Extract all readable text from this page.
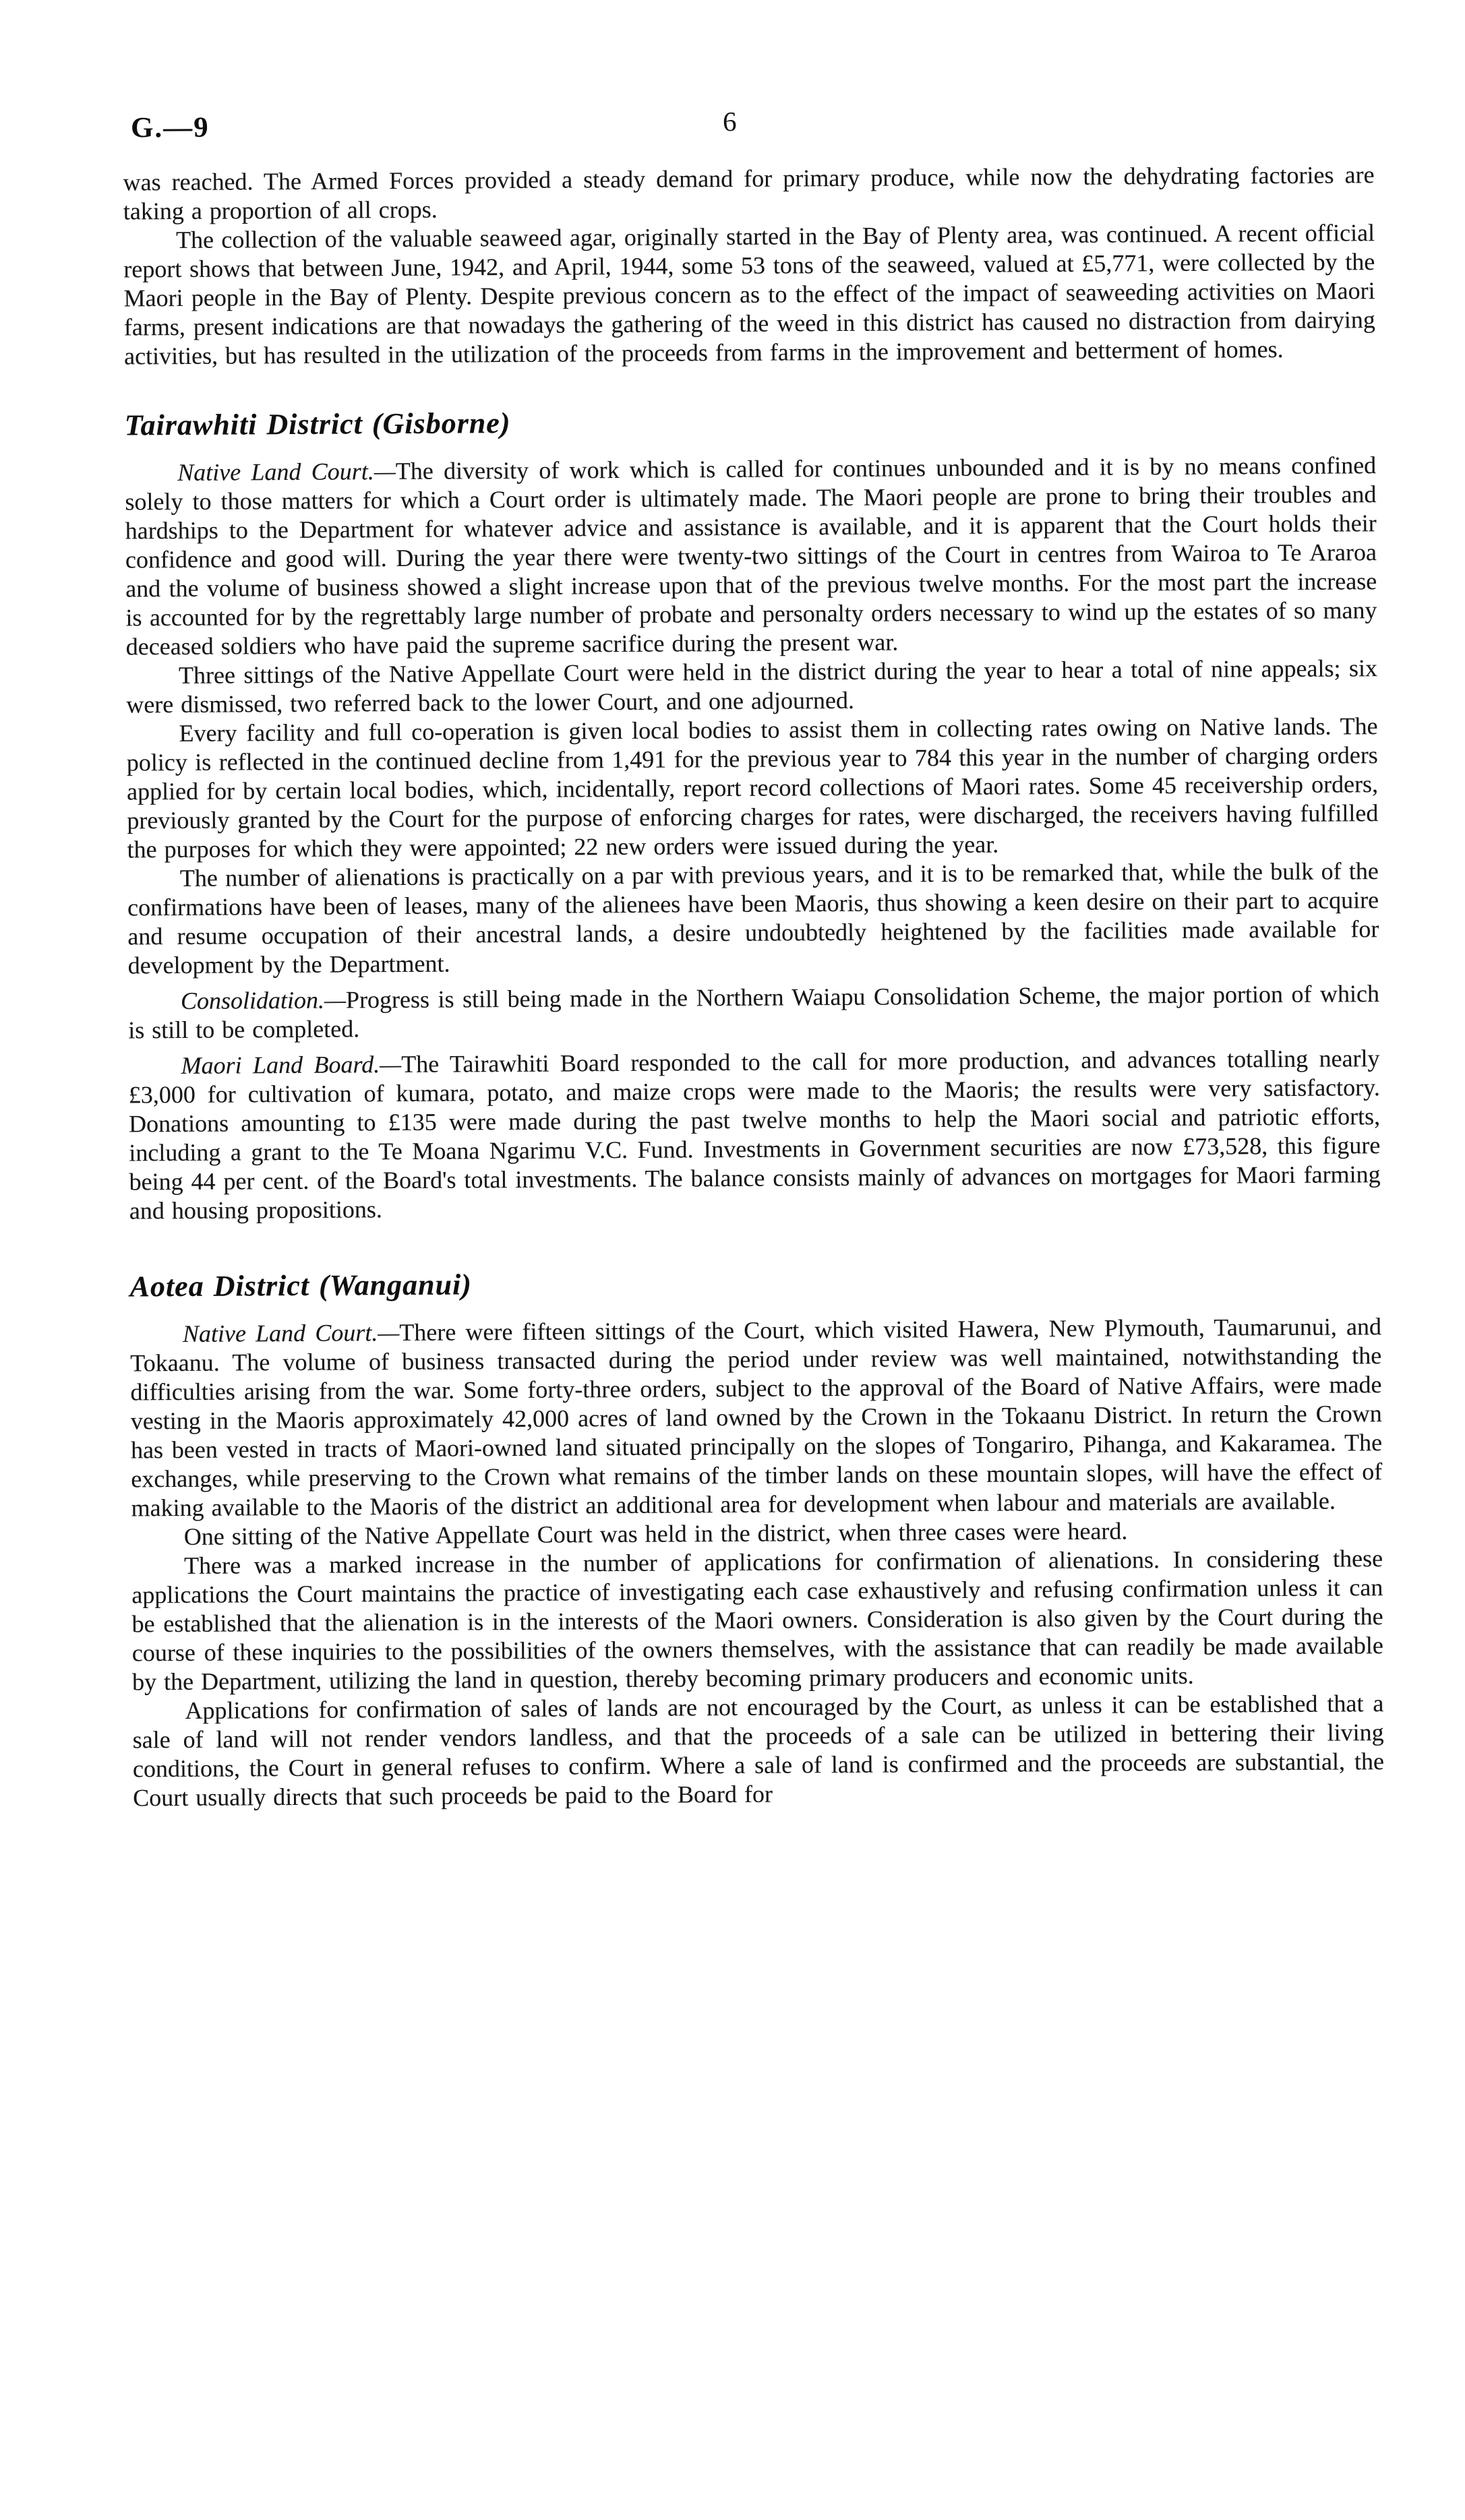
G.—9	6

was reached. The Armed Forces provided a steady demand for primary produce, while now the dehydrating factories are taking a proportion of all crops.

The collection of the valuable seaweed agar, originally started in the Bay of Plenty area, was continued. A recent official report shows that between June, 1942, and April, 1944, some 53 tons of the seaweed, valued at £5,771, were collected by the Maori people in the Bay of Plenty. Despite previous concern as to the effect of the impact of seaweeding activities on Maori farms, present indications are that nowadays the gathering of the weed in this district has caused no distraction from dairying activities, but has resulted in the utilization of the proceeds from farms in the improvement and betterment of homes.

Tairawhiti District (Gisborne)

Native Land Court.—The diversity of work which is called for continues unbounded and it is by no means confined solely to those matters for which a Court order is ultimately made. The Maori people are prone to bring their troubles and hardships to the Department for whatever advice and assistance is available, and it is apparent that the Court holds their confidence and good will. During the year there were twenty-two sittings of the Court in centres from Wairoa to Te Araroa and the volume of business showed a slight increase upon that of the previous twelve months. For the most part the increase is accounted for by the regrettably large number of probate and personalty orders necessary to wind up the estates of so many deceased soldiers who have paid the supreme sacrifice during the present war.

Three sittings of the Native Appellate Court were held in the district during the year to hear a total of nine appeals; six were dismissed, two referred back to the lower Court, and one adjourned.

Every facility and full co-operation is given local bodies to assist them in collecting rates owing on Native lands. The policy is reflected in the continued decline from 1,491 for the previous year to 784 this year in the number of charging orders applied for by certain local bodies, which, incidentally, report record collections of Maori rates. Some 45 receivership orders, previously granted by the Court for the purpose of enforcing charges for rates, were discharged, the receivers having fulfilled the purposes for which they were appointed; 22 new orders were issued during the year.

The number of alienations is practically on a par with previous years, and it is to be remarked that, while the bulk of the confirmations have been of leases, many of the alienees have been Maoris, thus showing a keen desire on their part to acquire and resume occupation of their ancestral lands, a desire undoubtedly heightened by the facilities made available for development by the Department.

Consolidation.—Progress is still being made in the Northern Waiapu Consolidation Scheme, the major portion of which is still to be completed.

Maori Land Board.—The Tairawhiti Board responded to the call for more production, and advances totalling nearly £3,000 for cultivation of kumara, potato, and maize crops were made to the Maoris; the results were very satisfactory. Donations amounting to £135 were made during the past twelve months to help the Maori social and patriotic efforts, including a grant to the Te Moana Ngarimu V.C. Fund. Investments in Government securities are now £73,528, this figure being 44 per cent. of the Board's total investments. The balance consists mainly of advances on mortgages for Maori farming and housing propositions.

Aotea District (Wanganui)

Native Land Court.—There were fifteen sittings of the Court, which visited Hawera, New Plymouth, Taumarunui, and Tokaanu. The volume of business transacted during the period under review was well maintained, notwithstanding the difficulties arising from the war. Some forty-three orders, subject to the approval of the Board of Native Affairs, were made vesting in the Maoris approximately 42,000 acres of land owned by the Crown in the Tokaanu District. In return the Crown has been vested in tracts of Maori-owned land situated principally on the slopes of Tongariro, Pihanga, and Kakaramea. The exchanges, while preserving to the Crown what remains of the timber lands on these mountain slopes, will have the effect of making available to the Maoris of the district an additional area for development when labour and materials are available.

One sitting of the Native Appellate Court was held in the district, when three cases were heard.

There was a marked increase in the number of applications for confirmation of alienations. In considering these applications the Court maintains the practice of investigating each case exhaustively and refusing confirmation unless it can be established that the alienation is in the interests of the Maori owners. Consideration is also given by the Court during the course of these inquiries to the possibilities of the owners themselves, with the assistance that can readily be made available by the Department, utilizing the land in question, thereby becoming primary producers and economic units.

Applications for confirmation of sales of lands are not encouraged by the Court, as unless it can be established that a sale of land will not render vendors landless, and that the proceeds of a sale can be utilized in bettering their living conditions, the Court in general refuses to confirm. Where a sale of land is confirmed and the proceeds are substantial, the Court usually directs that such proceeds be paid to the Board for
